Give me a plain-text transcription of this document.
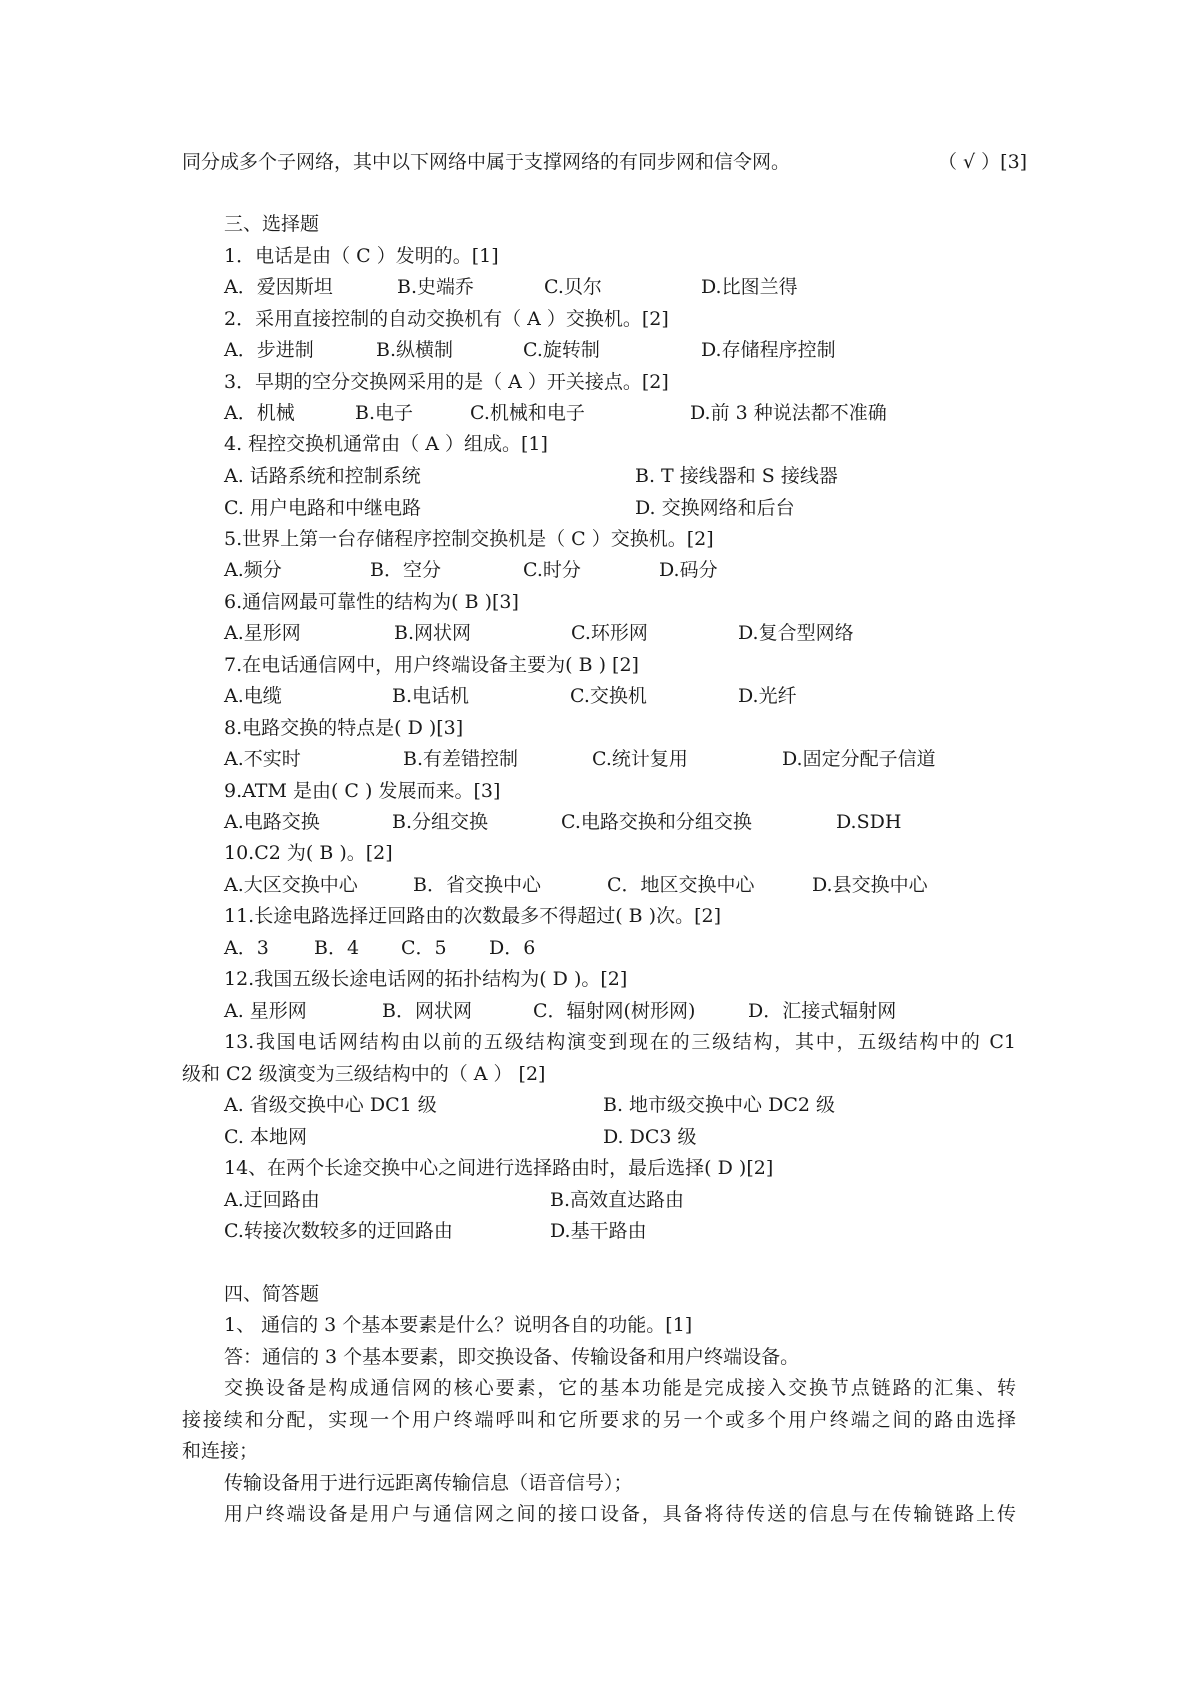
同分成多个子网络，其中以下网络中属于支撑网络的有同步网和信令网。	（ √ ）[3]
三、选择题
1．电话是由（ C ）发明的。[1]
A．爱因斯坦	B.史端乔	C.贝尔	D.比图兰得
2．采用直接控制的自动交换机有（ A ）交换机。[2]
A．步进制	B.纵横制	C.旋转制	D.存储程序控制
3．早期的空分交换网采用的是（ A ）开关接点。[2]
A．机械	B.电子	C.机械和电子	D.前 3 种说法都不准确
4. 程控交换机通常由（ A ）组成。[1]
A. 话路系统和控制系统	B. T 接线器和 S 接线器
C. 用户电路和中继电路	D. 交换网络和后台
5.世界上第一台存储程序控制交换机是（ C ）交换机。[2]
A.频分	B．空分	C.时分	D.码分
6.通信网最可靠性的结构为( B )[3]
A.星形网	B.网状网	C.环形网	D.复合型网络
7.在电话通信网中，用户终端设备主要为( B ) [2]
A.电缆	B.电话机	C.交换机	D.光纤
8.电路交换的特点是( D )[3]
A.不实时	B.有差错控制	C.统计复用	D.固定分配子信道
9.ATM 是由( C ) 发展而来。[3]
A.电路交换	B.分组交换	C.电路交换和分组交换	D.SDH
10.C2 为( B )。[2]
A.大区交换中心	B．省交换中心	C．地区交换中心	D.县交换中心
11.长途电路选择迂回路由的次数最多不得超过( B )次。[2]
A．3 B．4 C．5 D．6
12.我国五级长途电话网的拓扑结构为( D )。[2]
A. 星形网	B．网状网	C．辐射网(树形网)	D．汇接式辐射网
13.我国电话网结构由以前的五级结构演变到现在的三级结构，其中，五级结构中的 C1
级和 C2 级演变为三级结构中的（ A ） [2]
A. 省级交换中心 DC1 级	B. 地市级交换中心 DC2 级
C. 本地网	D. DC3 级
14、在两个长途交换中心之间进行选择路由时，最后选择( D )[2]
A.迂回路由	B.高效直达路由
C.转接次数较多的迂回路由	D.基干路由
四、简答题
1、 通信的 3 个基本要素是什么？说明各自的功能。[1]
答：通信的 3 个基本要素，即交换设备、传输设备和用户终端设备。
交换设备是构成通信网的核心要素，它的基本功能是完成接入交换节点链路的汇集、转
接接续和分配，实现一个用户终端呼叫和它所要求的另一个或多个用户终端之间的路由选择
和连接；
传输设备用于进行远距离传输信息（语音信号）；
用户终端设备是用户与通信网之间的接口设备，具备将待传送的信息与在传输链路上传
